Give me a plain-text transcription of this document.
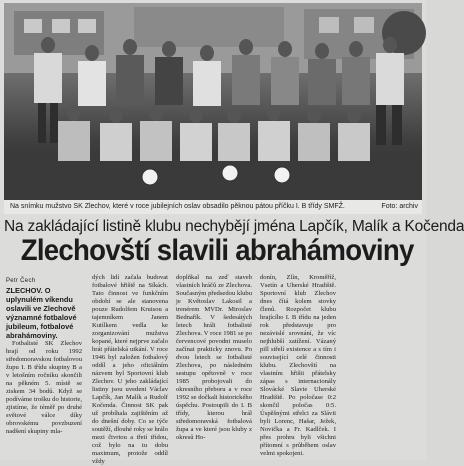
Na snímku mužstvo SK Zlechov, které v roce jubilejních oslav obsadilo pěknou pátou příčku I. B třídy SMFŽ.	Foto: archiv
Na zakládající listině klubu nechybějí jména Lapčík, Malík a Kočenda
Zlechovští slavili abrahámoviny
Petr Čech

ZLECHOV. O uplynulém víkendu oslavili ve Zlechově významné fotbalové jubileum, fotbalové abrahámoviny.

Fotbalisté SK Zlechov hrají od roku 1992 středomoravskou fotbalovou župu I. B třídu skupiny B a v letošním ročníku skončili na pěkném 5. místě se ziskem 34 bodů. Když se podíváme trošku do historie, zjistíme, že téměř po druhé světové válce díky obrovskému povzbuzení nadšení skupiny mla-

dých lidí začala budovat fotbalové hřiště na Síkách. Tato činnost ve funkčním období se ale stanovena pouze Rudolfem Kruisou a tajemníkem Janem Kutílkem vedla ke zorganizování mužstva kopané, které nejprve začalo hrát přátelská utkání. V roce 1946 byl založen fotbalový oddíl a jeho oficiálním názvem byl Sportovní klub Zlechov. U jeho zakládající listiny jsou uvedeni Václav Lapčík, Jan Malík a Rudolf Kočenda. Činnost SK pak už probíhala zajištěním až do dnešní doby. Co se týče soutěží, dlouhé roky se hrálo mezi čtvrtou a třetí třídou, což bylo na tu dobu maximum, protože oddíl vždy

doplňkal na zeď staveb vlastních hráčů ze Zlechova. Současným předsedou klubu je Květoslav Lakosil a trenérem MVDr. Miroslav Bednařík. V šedesátých letech hráli fotbalisté Zlechova. V roce 1981 se po červencové povodni muselo začínat prakticky znovu. Po dvou letech se fotbalisté Zlechova, po následném sestupu opětovně v roce 1985 probojovali do okresního přeboru a v roce 1992 se dočkali historického úspěchu. Postoupili do I. B třídy, kterou hrál středomoravská fotbalová župa a ve které jsou kluby z okresů Ho-

donín, Zlín, Kroměříž, Vsetín a Uherské Hradiště. Sportovní klub Zlechov dnes čítá kolem stovky členů. Rozpočet klubu hrajícího I. B třídu na jeden rok představuje pro nezávislé srovnání, že víc nejhlubší zatížení. Vázaný pill střelí existence a s tím i související celé činnosti klubu. Zlechovští na vlastním hřišti přátelsky zápas s internacionály Slovácké Slavie Uherské Hradiště. Po poločase 0:2 skončil poločas 0:5. Úspěšnými střelci za Slávii byli Lorenc, Hašar, Ježek, Novička a Fr. Kadlček. I přes prohru byli všichni přítomní s průběhem oslav velmi spokojeni.
